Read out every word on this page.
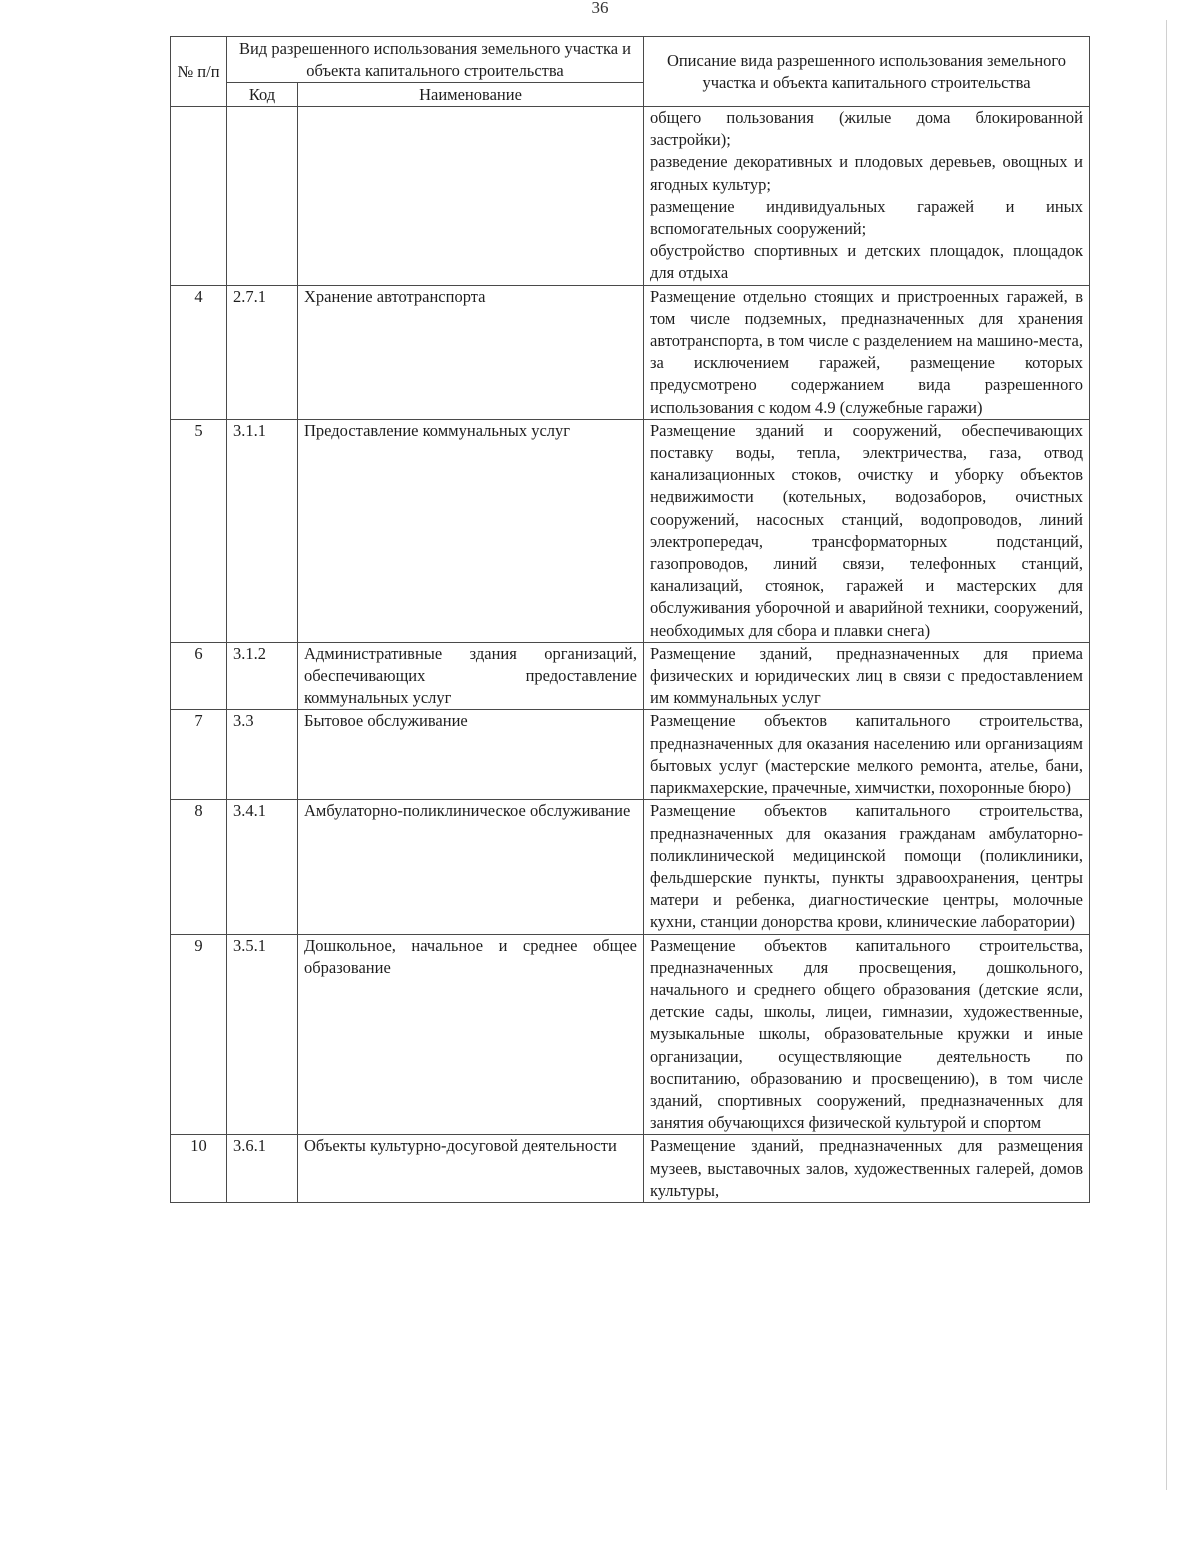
36
№ п/п	Вид разрешенного использования земельного участка и объекта капитального строительства		Описание вида разрешенного использования земельного участка и объекта капитального строительства
	Код	Наименование	

			общего пользования (жилые дома блокированной застройки);
разведение декоративных и плодовых деревьев, овощных и ягодных культур;
размещение индивидуальных гаражей и иных вспомогательных сооружений;
обустройство спортивных и детских площадок, площадок для отдыха

4	2.7.1	Хранение автотранспорта	Размещение отдельно стоящих и пристроенных гаражей, в том числе подземных, предназначенных для хранения автотранспорта, в том числе с разделением на машино-места, за исключением гаражей, размещение которых предусмотрено содержанием вида разрешенного использования с кодом 4.9 (служебные гаражи)

5	3.1.1	Предоставление коммунальных услуг	Размещение зданий и сооружений, обеспечивающих поставку воды, тепла, электричества, газа, отвод канализационных стоков, очистку и уборку объектов недвижимости (котельных, водозаборов, очистных сооружений, насосных станций, водопроводов, линий электропередач, трансформаторных подстанций, газопроводов, линий связи, телефонных станций, канализаций, стоянок, гаражей и мастерских для обслуживания уборочной и аварийной техники, сооружений, необходимых для сбора и плавки снега)

6	3.1.2	Административные здания организаций, обеспечивающих предоставление коммунальных услуг	Размещение зданий, предназначенных для приема физических и юридических лиц в связи с предоставлением им коммунальных услуг

7	3.3	Бытовое обслуживание	Размещение объектов капитального строительства, предназначенных для оказания населению или организациям бытовых услуг (мастерские мелкого ремонта, ателье, бани, парикмахерские, прачечные, химчистки, похоронные бюро)

8	3.4.1	Амбулаторно-поликлиническое обслуживание	Размещение объектов капитального строительства, предназначенных для оказания гражданам амбулаторно-поликлинической медицинской помощи (поликлиники, фельдшерские пункты, пункты здравоохранения, центры матери и ребенка, диагностические центры, молочные кухни, станции донорства крови, клинические лаборатории)

9	3.5.1	Дошкольное, начальное и среднее общее образование	Размещение объектов капитального строительства, предназначенных для просвещения, дошкольного, начального и среднего общего образования (детские ясли, детские сады, школы, лицеи, гимназии, художественные, музыкальные школы, образовательные кружки и иные организации, осуществляющие деятельность по воспитанию, образованию и просвещению), в том числе зданий, спортивных сооружений, предназначенных для занятия обучающихся физической культурой и спортом

10	3.6.1	Объекты культурно-досуговой деятельности	Размещение зданий, предназначенных для размещения музеев, выставочных залов, художественных галерей, домов культуры,
